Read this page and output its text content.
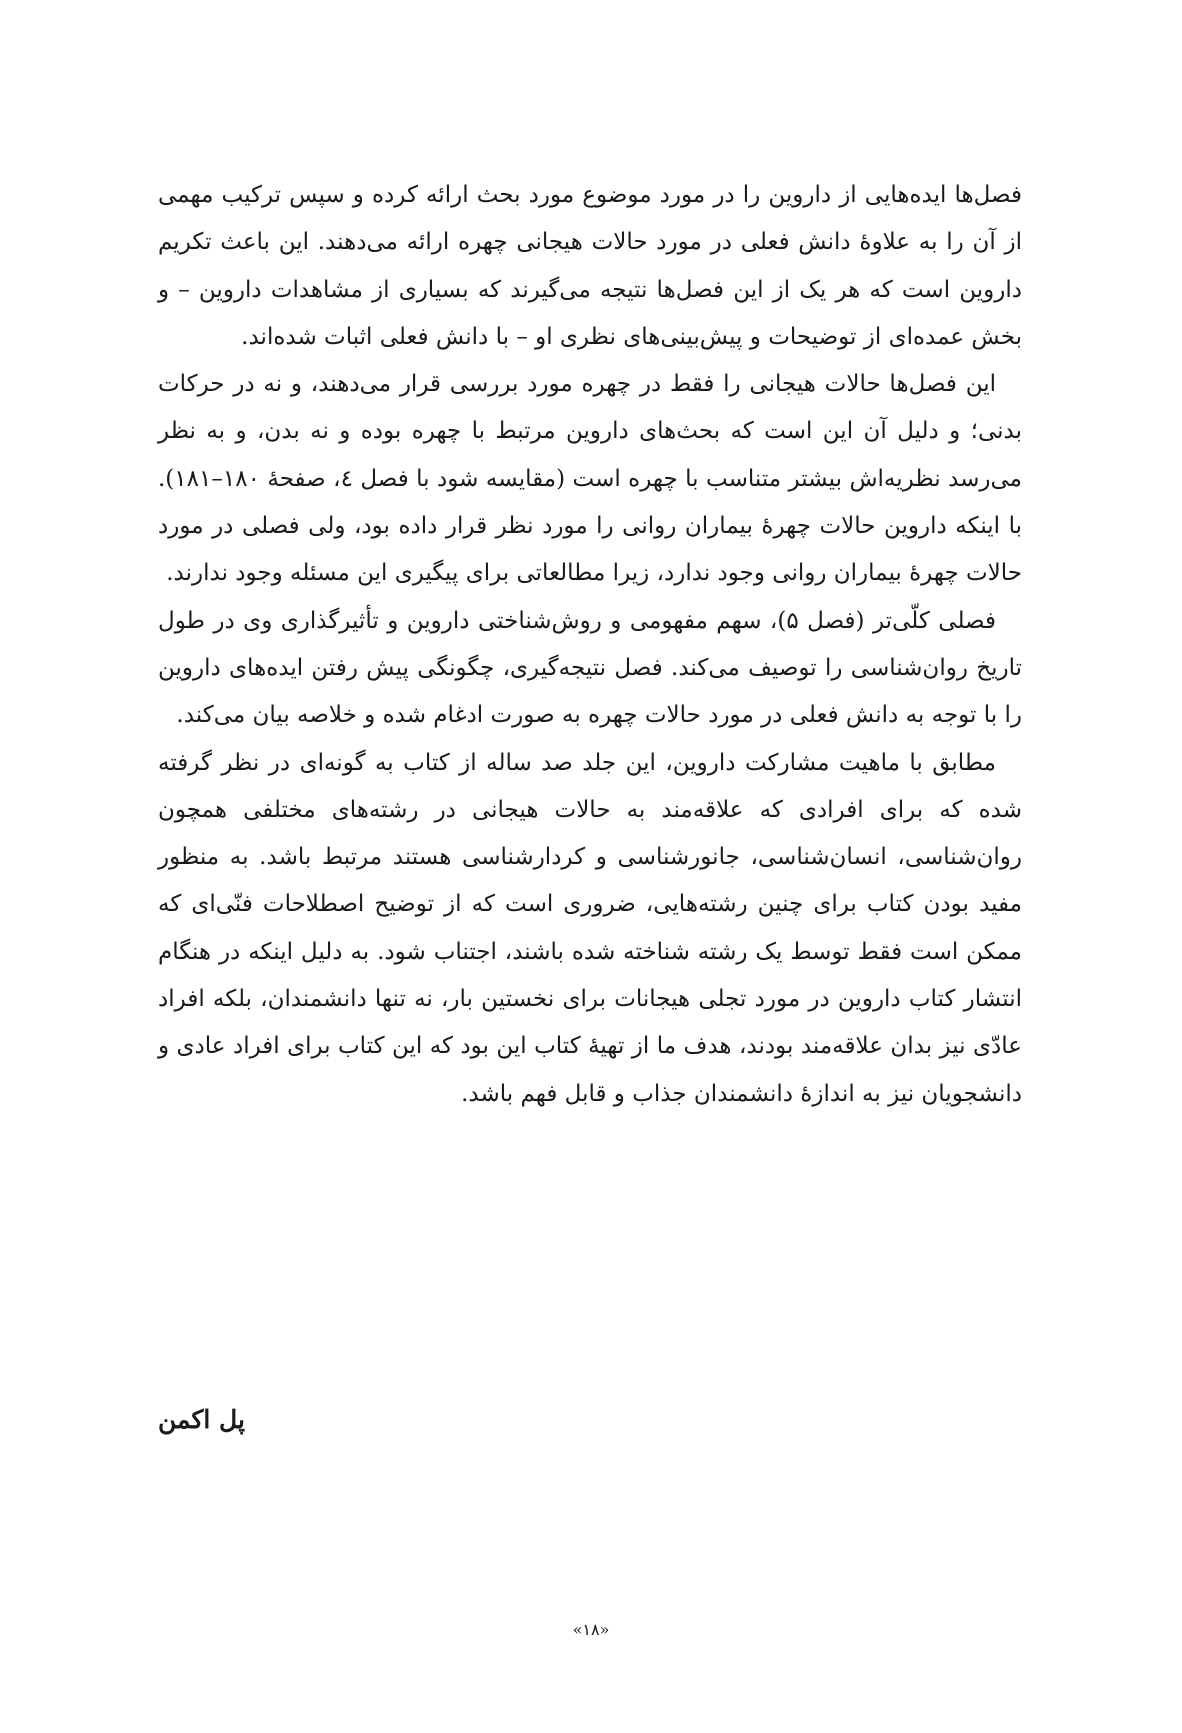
فصل‌ها ایده‌هایی از داروین را در مورد موضوع مورد بحث ارائه کرده و سپس ترکیب مهمی از آن را به علاوۀ دانش فعلی در مورد حالات هیجانی چهره ارائه می‌دهند. این باعث تکریم داروین است که هر یک از این فصل‌ها نتیجه می‌گیرند که بسیاری از مشاهدات داروین – و بخش عمده‌ای از توضیحات و پیش‌بینی‌های نظری او – با دانش فعلی اثبات شده‌اند.

این فصل‌ها حالات هیجانی را فقط در چهره مورد بررسی قرار می‌دهند، و نه در حرکات بدنی؛ و دلیل آن این است که بحث‌های داروین مرتبط با چهره بوده و نه بدن، و به نظر می‌رسد نظریه‌اش بیشتر متناسب با چهره است (مقایسه شود با فصل ٤، صفحۀ ۱۸۰–۱۸۱). با اینکه داروین حالات چهرۀ بیماران روانی را مورد نظر قرار داده بود، ولی فصلی در مورد حالات چهرۀ بیماران روانی وجود ندارد، زیرا مطالعاتی برای پیگیری این مسئله وجود ندارند.

فصلی کلّی‌تر (فصل ۵)، سهم مفهومی و روش‌شناختی داروین و تأثیرگذاری وی در طول تاریخ روان‌شناسی را توصیف می‌کند. فصل نتیجه‌گیری، چگونگی پیش رفتن ایده‌های داروین را با توجه به دانش فعلی در مورد حالات چهره به صورت ادغام شده و خلاصه بیان می‌کند.

مطابق با ماهیت مشارکت داروین، این جلد صد ساله از کتاب به گونه‌ای در نظر گرفته شده که برای افرادی که علاقه‌مند به حالات هیجانی در رشته‌های مختلفی همچون روان‌شناسی، انسان‌شناسی، جانورشناسی و کردارشناسی هستند مرتبط باشد. به منظور مفید بودن کتاب برای چنین رشته‌هایی، ضروری است که از توضیح اصطلاحات فنّی‌ای که ممکن است فقط توسط یک رشته شناخته شده باشند، اجتناب شود. به دلیل اینکه در هنگام انتشار کتاب داروین در مورد تجلی هیجانات برای نخستین بار، نه تنها دانشمندان، بلکه افراد عادّی نیز بدان علاقه‌مند بودند، هدف ما از تهیۀ کتاب این بود که این کتاب برای افراد عادی و دانشجویان نیز به اندازۀ دانشمندان جذاب و قابل فهم باشد.

پل اکمن
«۱۸»
